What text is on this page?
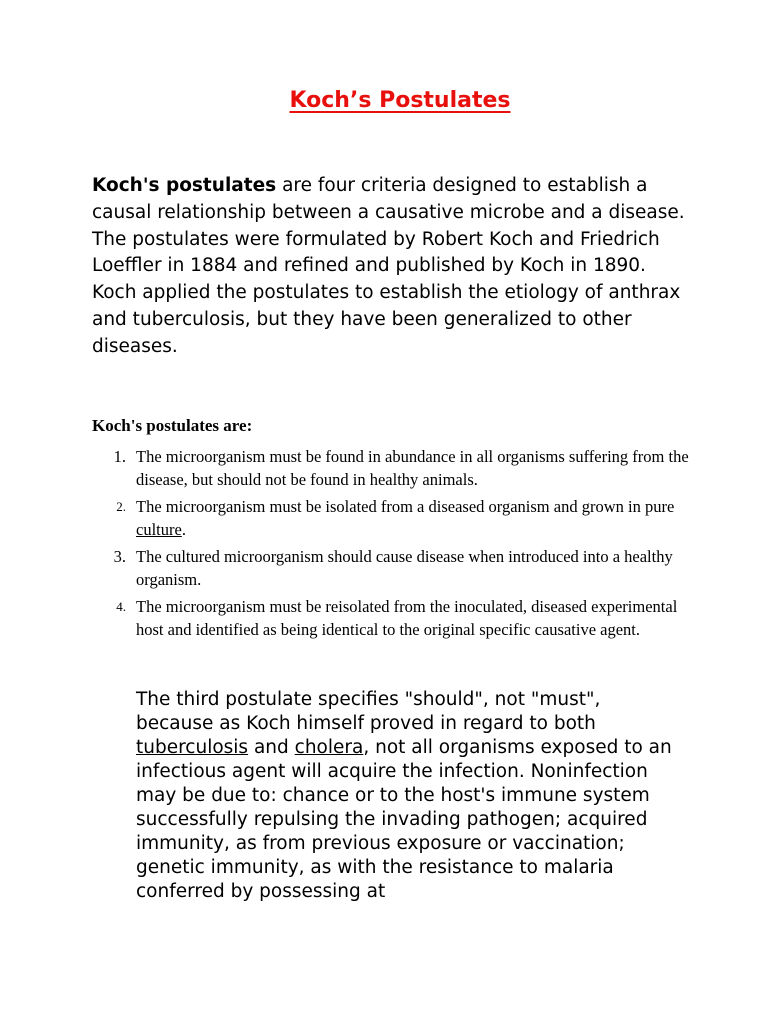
Koch’s Postulates

Koch's postulates are four criteria designed to establish a causal relationship between a causative microbe and a disease. The postulates were formulated by Robert Koch and Friedrich Loeffler in 1884 and refined and published by Koch in 1890. Koch applied the postulates to establish the etiology of anthrax and tuberculosis, but they have been generalized to other diseases.

Koch's postulates are:

1. The microorganism must be found in abundance in all organisms suffering from the disease, but should not be found in healthy animals.
2. The microorganism must be isolated from a diseased organism and grown in pure culture.
3. The cultured microorganism should cause disease when introduced into a healthy organism.
4. The microorganism must be reisolated from the inoculated, diseased experimental host and identified as being identical to the original specific causative agent.

The third postulate specifies "should", not "must", because as Koch himself proved in regard to both tuberculosis and cholera, not all organisms exposed to an infectious agent will acquire the infection. Noninfection may be due to: chance or to the host's immune system successfully repulsing the invading pathogen; acquired immunity, as from previous exposure or vaccination; genetic immunity, as with the resistance to malaria conferred by possessing at
